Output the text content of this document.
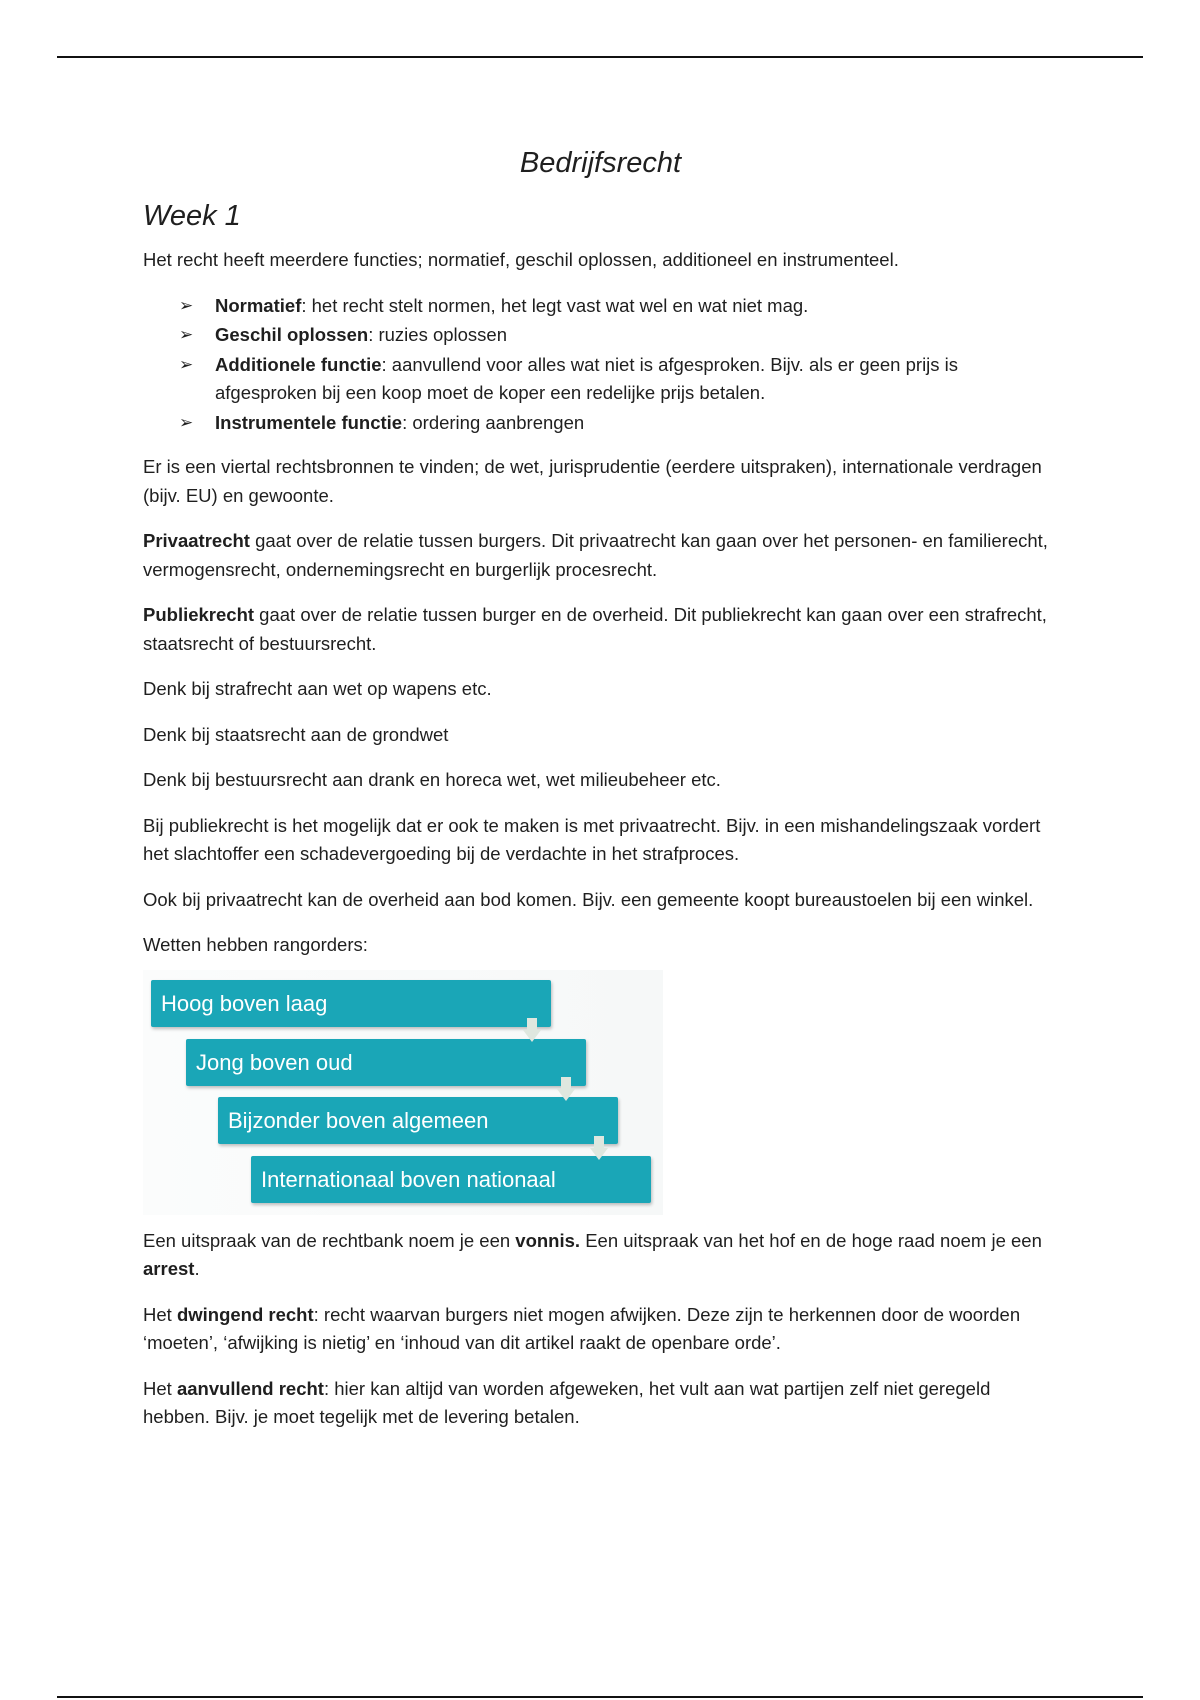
Bedrijfsrecht
Week 1

Het recht heeft meerdere functies; normatief, geschil oplossen, additioneel en instrumenteel.

➢ Normatief: het recht stelt normen, het legt vast wat wel en wat niet mag.
➢ Geschil oplossen: ruzies oplossen
➢ Additionele functie: aanvullend voor alles wat niet is afgesproken. Bijv. als er geen prijs is afgesproken bij een koop moet de koper een redelijke prijs betalen.
➢ Instrumentele functie: ordering aanbrengen

Er is een viertal rechtsbronnen te vinden; de wet, jurisprudentie (eerdere uitspraken), internationale verdragen (bijv. EU) en gewoonte.

Privaatrecht gaat over de relatie tussen burgers. Dit privaatrecht kan gaan over het personen- en familierecht, vermogensrecht, ondernemingsrecht en burgerlijk procesrecht.

Publiekrecht gaat over de relatie tussen burger en de overheid. Dit publiekrecht kan gaan over een strafrecht, staatsrecht of bestuursrecht.

Denk bij strafrecht aan wet op wapens etc.

Denk bij staatsrecht aan de grondwet

Denk bij bestuursrecht aan drank en horeca wet, wet milieubeheer etc.

Bij publiekrecht is het mogelijk dat er ook te maken is met privaatrecht. Bijv. in een mishandelingszaak vordert het slachtoffer een schadevergoeding bij de verdachte in het strafproces.

Ook bij privaatrecht kan de overheid aan bod komen. Bijv. een gemeente koopt bureaustoelen bij een winkel.

Wetten hebben rangorders:

Hoog boven laag
Jong boven oud
Bijzonder boven algemeen
Internationaal boven nationaal

Een uitspraak van de rechtbank noem je een vonnis. Een uitspraak van het hof en de hoge raad noem je een arrest.

Het dwingend recht: recht waarvan burgers niet mogen afwijken. Deze zijn te herkennen door de woorden ‘moeten’, ‘afwijking is nietig’ en ‘inhoud van dit artikel raakt de openbare orde’.

Het aanvullend recht: hier kan altijd van worden afgeweken, het vult aan wat partijen zelf niet geregeld hebben. Bijv. je moet tegelijk met de levering betalen.
